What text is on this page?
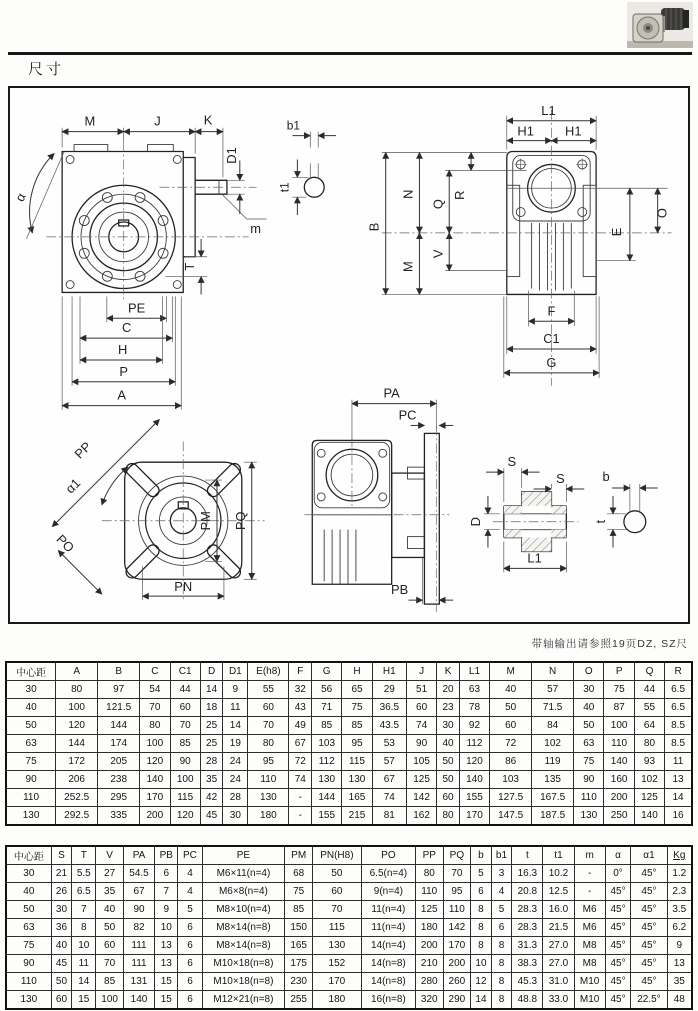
尺寸
M	J	K
D1
α
m
b1
t1
T
PE
C
H
P
A
L1
H1 H1
B
N
Q
R
M
V
E
O
F
C1
G
PP
α1
PO
PM PQ
PN
PA
PC
PB
S
S
D
L1
b
t
带轴输出请参照19页DZ, SZ尺
中心距	A	B	C	C1	D	D1	E(h8)	F	G	H	H1	J	K	L1	M	N	O	P	Q	R
30	80	97	54	44	14	9	55	32	56	65	29	51	20	63	40	57	30	75	44	6.5
40	100	121.5	70	60	18	11	60	43	71	75	36.5	60	23	78	50	71.5	40	87	55	6.5
50	120	144	80	70	25	14	70	49	85	85	43.5	74	30	92	60	84	50	100	64	8.5
63	144	174	100	85	25	19	80	67	103	95	53	90	40	112	72	102	63	110	80	8.5
75	172	205	120	90	28	24	95	72	112	115	57	105	50	120	86	119	75	140	93	11
90	206	238	140	100	35	24	110	74	130	130	67	125	50	140	103	135	90	160	102	13
110	252.5	295	170	115	42	28	130	-	144	165	74	142	60	155	127.5	167.5	110	200	125	14
130	292.5	335	200	120	45	30	180	-	155	215	81	162	80	170	147.5	187.5	130	250	140	16
中心距	S	T	V	PA	PB	PC	PE	PM	PN(H8)	PO	PP	PQ	b	b1	t	t1	m	α	α1	Kg
30	21	5.5	27	54.5	6	4	M6×11(n=4)	68	50	6.5(n=4)	80	70	5	3	16.3	10.2	-	0°	45°	1.2
40	26	6.5	35	67	7	4	M6×8(n=4)	75	60	9(n=4)	110	95	6	4	20.8	12.5	-	45°	45°	2.3
50	30	7	40	90	9	5	M8×10(n=4)	85	70	11(n=4)	125	110	8	5	28.3	16.0	M6	45°	45°	3.5
63	36	8	50	82	10	6	M8×14(n=8)	150	115	11(n=4)	180	142	8	6	28.3	21.5	M6	45°	45°	6.2
75	40	10	60	111	13	6	M8×14(n=8)	165	130	14(n=4)	200	170	8	8	31.3	27.0	M8	45°	45°	9
90	45	11	70	111	13	6	M10×18(n=8)	175	152	14(n=8)	210	200	10	8	38.3	27.0	M8	45°	45°	13
110	50	14	85	131	15	6	M10×18(n=8)	230	170	14(n=8)	280	260	12	8	45.3	31.0	M10	45°	45°	35
130	60	15	100	140	15	6	M12×21(n=8)	255	180	16(n=8)	320	290	14	8	48.8	33.0	M10	45°	22.5°	48
